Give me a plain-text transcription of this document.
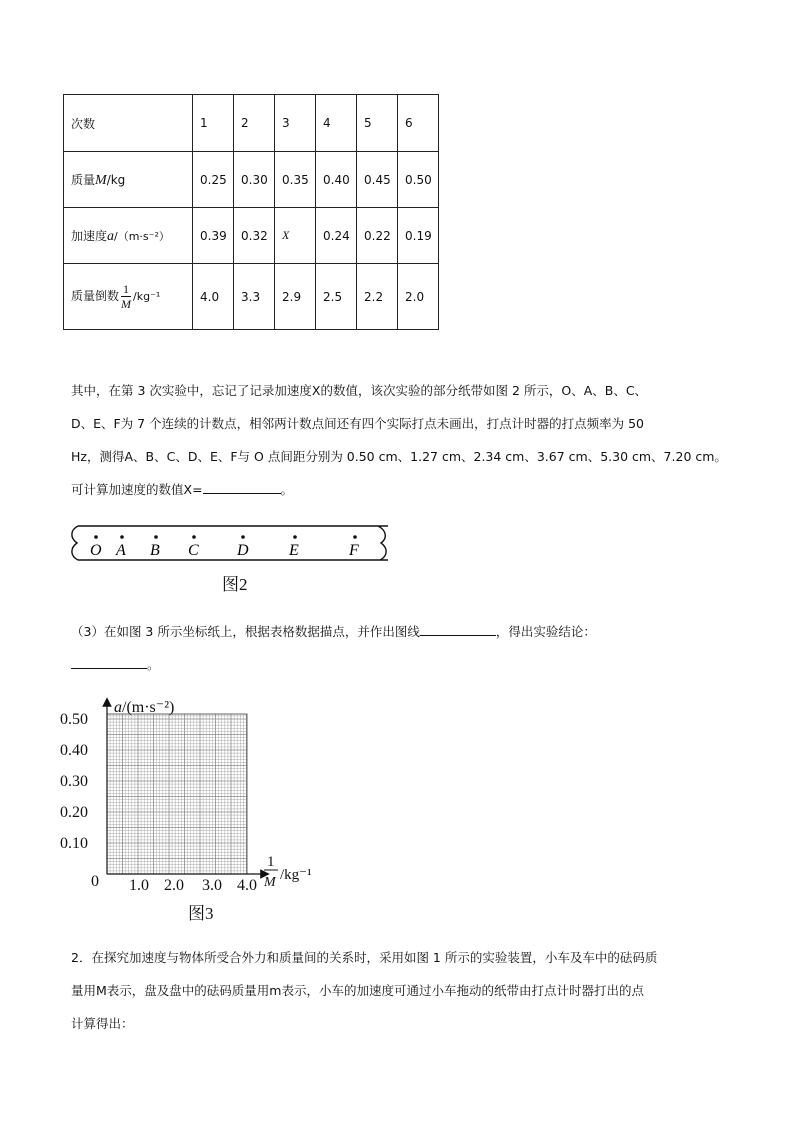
次数	1	2	3	4	5	6
质量M/kg	0.25	0.30	0.35	0.40	0.45	0.50
加速度a/（m·s⁻²）	0.39	0.32	X	0.24	0.22	0.19
质量倒数 $\frac{1}{M} /kg^{-1}$	4.0	3.3	2.9	2.5	2.2	2.0

其中，在第 3 次实验中，忘记了记录加速度X的数值，该次实验的部分纸带如图 2 所示，O、A、B、C、
D、E、F为 7 个连续的计数点，相邻两计数点间还有四个实际打点未画出，打点计时器的打点频率为 50
Hz，测得A、B、C、D、E、F与 O 点间距分别为 0.50 cm、1.27 cm、2.34 cm、3.67 cm、5.30 cm、7.20 cm。
可计算加速度的数值X=	。

O A B C D	E	F
图2

（3）在如图 3 所示坐标纸上，根据表格数据描点，并作出图线	，得出实验结论：
。

0.50
0.40
0.30
0.20
0.10
0 1.0 2.0 3.0 4.0
a/(m·s⁻²)
1
M /kg⁻¹
图3

2．在探究加速度与物体所受合外力和质量间的关系时，采用如图 1 所示的实验装置，小车及车中的砝码质
量用M表示，盘及盘中的砝码质量用m表示，小车的加速度可通过小车拖动的纸带由打点计时器打出的点
计算得出：
